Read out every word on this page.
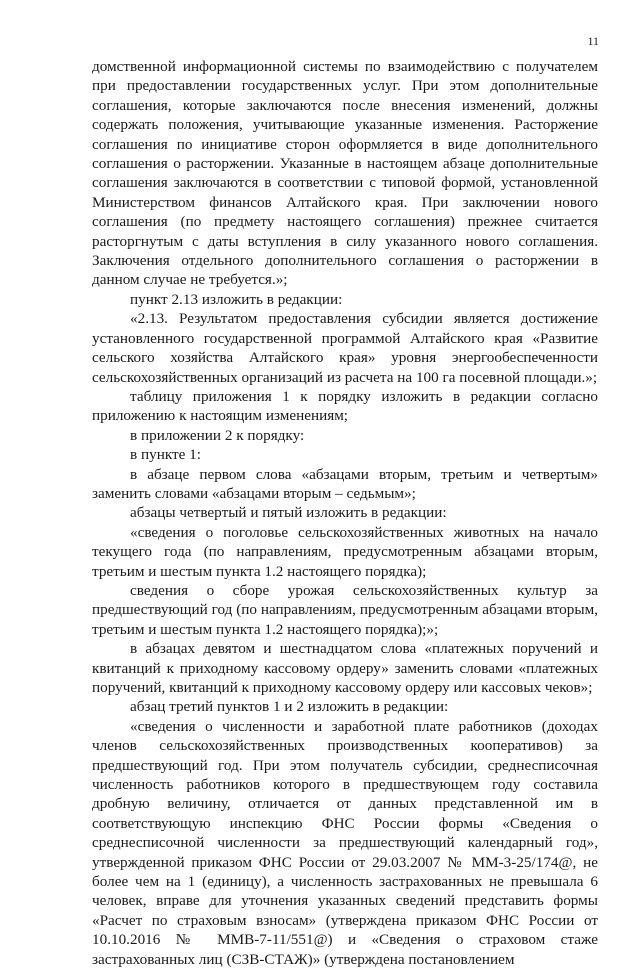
11

домственной информационной системы по взаимодействию с получателем при предоставлении государственных услуг. При этом дополнительные соглашения, которые заключаются после внесения изменений, должны содержать положения, учитывающие указанные изменения. Расторжение соглашения по инициативе сторон оформляется в виде дополнительного соглашения о расторжении. Указанные в настоящем абзаце дополнительные соглашения заключаются в соответствии с типовой формой, установленной Министерством финансов Алтайского края. При заключении нового соглашения (по предмету настоящего соглашения) прежнее считается расторгнутым с даты вступления в силу указанного нового соглашения. Заключения отдельного дополнительного соглашения о расторжении в данном случае не требуется.»;

пункт 2.13 изложить в редакции:

«2.13. Результатом предоставления субсидии является достижение установленного государственной программой Алтайского края «Развитие сельского хозяйства Алтайского края» уровня энергообеспеченности сельскохозяйственных организаций из расчета на 100 га посевной площади.»;

таблицу приложения 1 к порядку изложить в редакции согласно приложению к настоящим изменениям;

в приложении 2 к порядку:

в пункте 1:

в абзаце первом слова «абзацами вторым, третьим и четвертым» заменить словами «абзацами вторым – седьмым»;

абзацы четвертый и пятый изложить в редакции:

«сведения о поголовье сельскохозяйственных животных на начало текущего года (по направлениям, предусмотренным абзацами вторым, третьим и шестым пункта 1.2 настоящего порядка);

сведения о сборе урожая сельскохозяйственных культур за предшествующий год (по направлениям, предусмотренным абзацами вторым, третьим и шестым пункта 1.2 настоящего порядка);»;

в абзацах девятом и шестнадцатом слова «платежных поручений и квитанций к приходному кассовому ордеру» заменить словами «платежных поручений, квитанций к приходному кассовому ордеру или кассовых чеков»;

абзац третий пунктов 1 и 2 изложить в редакции:

«сведения о численности и заработной плате работников (доходах членов сельскохозяйственных производственных кооперативов) за предшествующий год. При этом получатель субсидии, среднесписочная численность работников которого в предшествующем году составила дробную величину, отличается от данных представленной им в соответствующую инспекцию ФНС России формы «Сведения о среднесписочной численности за предшествующий календарный год», утвержденной приказом ФНС России от 29.03.2007 № ММ-3-25/174@, не более чем на 1 (единицу), а численность застрахованных не превышала 6 человек, вправе для уточнения указанных сведений представить формы «Расчет по страховым взносам» (утверждена приказом ФНС России от 10.10.2016 № ММВ-7-11/551@) и «Сведения о страховом стаже застрахованных лиц (СЗВ-СТАЖ)» (утверждена постановлением
